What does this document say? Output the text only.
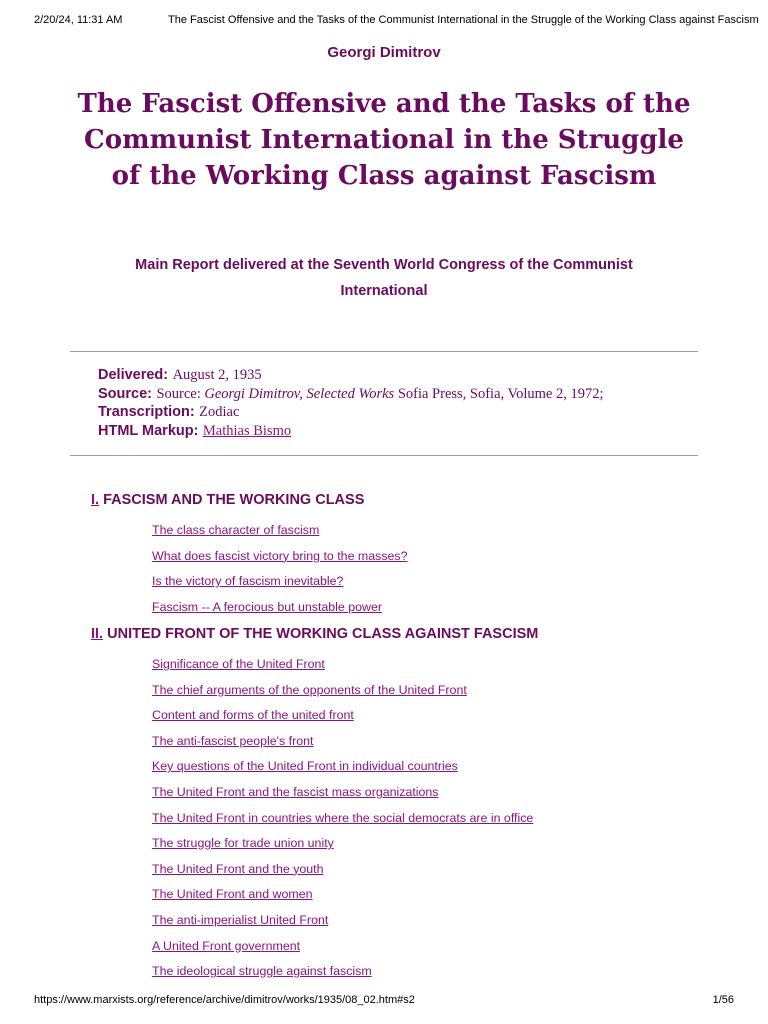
2/20/24, 11:31 AM	The Fascist Offensive and the Tasks of the Communist International in the Struggle of the Working Class against Fascism
Georgi Dimitrov
The Fascist Offensive and the Tasks of the Communist International in the Struggle of the Working Class against Fascism
Main Report delivered at the Seventh World Congress of the Communist International
Delivered: August 2, 1935
Source: Source: Georgi Dimitrov, Selected Works Sofia Press, Sofia, Volume 2, 1972;
Transcription: Zodiac
HTML Markup: Mathias Bismo
I. FASCISM AND THE WORKING CLASS
The class character of fascism
What does fascist victory bring to the masses?
Is the victory of fascism inevitable?
Fascism -- A ferocious but unstable power
II. UNITED FRONT OF THE WORKING CLASS AGAINST FASCISM
Significance of the United Front
The chief arguments of the opponents of the United Front
Content and forms of the united front
The anti-fascist people's front
Key questions of the United Front in individual countries
The United Front and the fascist mass organizations
The United Front in countries where the social democrats are in office
The struggle for trade union unity
The United Front and the youth
The United Front and women
The anti-imperialist United Front
A United Front government
The ideological struggle against fascism
https://www.marxists.org/reference/archive/dimitrov/works/1935/08_02.htm#s2	1/56
